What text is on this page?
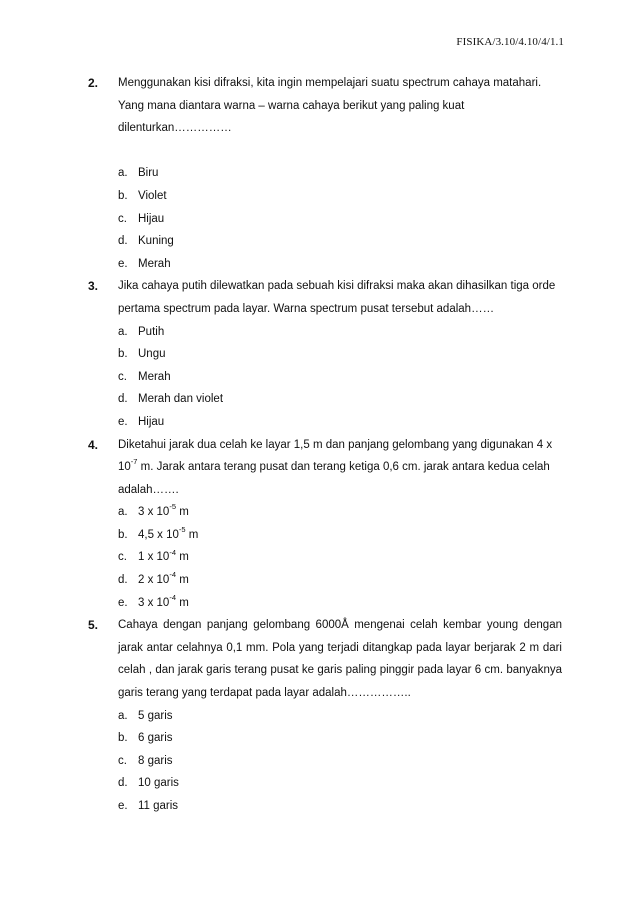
FISIKA/3.10/4.10/4/1.1
2. Menggunakan kisi difraksi, kita ingin mempelajari suatu spectrum cahaya matahari. Yang mana diantara warna – warna cahaya berikut yang paling kuat dilenturkan……………
a. Biru
b. Violet
c. Hijau
d. Kuning
e. Merah
3. Jika cahaya putih dilewatkan pada sebuah kisi difraksi maka akan dihasilkan tiga orde pertama spectrum pada layar. Warna spectrum pusat tersebut adalah……
a. Putih
b. Ungu
c. Merah
d. Merah dan violet
e. Hijau
4. Diketahui jarak dua celah ke layar 1,5 m dan panjang gelombang yang digunakan 4 x $10^{-7}$ m. Jarak antara terang pusat dan terang ketiga 0,6 cm. jarak antara kedua celah adalah…….
a. 3 x $10^{-5}$ m
b. 4,5 x $10^{-5}$ m
c. 1 x $10^{-4}$ m
d. 2 x $10^{-4}$ m
e. 3 x $10^{-4}$ m
5. Cahaya dengan panjang gelombang 6000Å mengenai celah kembar young dengan jarak antar celahnya 0,1 mm. Pola yang terjadi ditangkap pada layar berjarak 2 m dari celah , dan jarak garis terang pusat ke garis paling pinggir pada layar 6 cm. banyaknya garis terang yang terdapat pada layar adalah……………..
a. 5 garis
b. 6 garis
c. 8 garis
d. 10 garis
e. 11 garis
